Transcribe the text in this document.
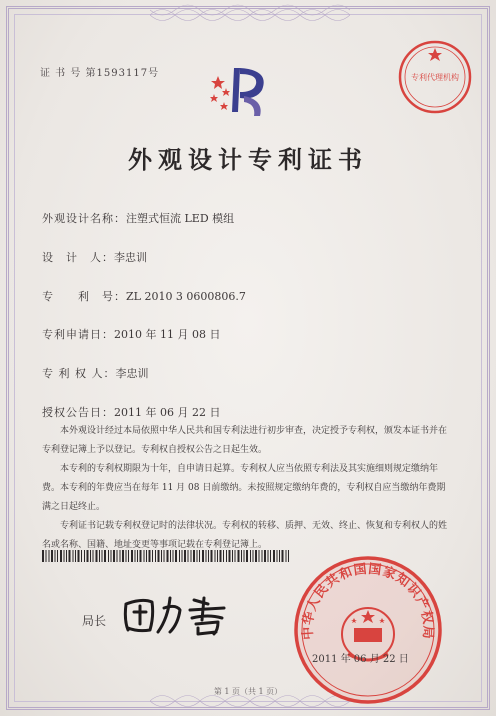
证 书 号 第1593117号	专利代理机构
外观设计专利证书
外观设计名称：注塑式恒流 LED 模组
设　计　人：李忠训
专　　利　号：ZL 2010 3 0600806.7
专利申请日：2010 年 11 月 08 日
专 利 权 人：李忠训
授权公告日：2011 年 06 月 22 日

本外观设计经过本局依照中华人民共和国专利法进行初步审查，决定授予专利权，颁发本证书并在专利登记簿上予以登记。专利权自授权公告之日起生效。

本专利的专利权期限为十年，自申请日起算。专利权人应当依照专利法及其实施细则规定缴纳年费。本专利的年费应当在每年 11 月 08 日前缴纳。未按照规定缴纳年费的，专利权自应当缴纳年费期满之日起终止。

专利证书记载专利权登记时的法律状况。专利权的转移、质押、无效、终止、恢复和专利权人的姓名或名称、国籍、地址变更等事项记载在专利登记簿上。

局长
中华人民共和国国家知识产权局
2011 年 06 月 22 日
第 1 页（共 1 页）
